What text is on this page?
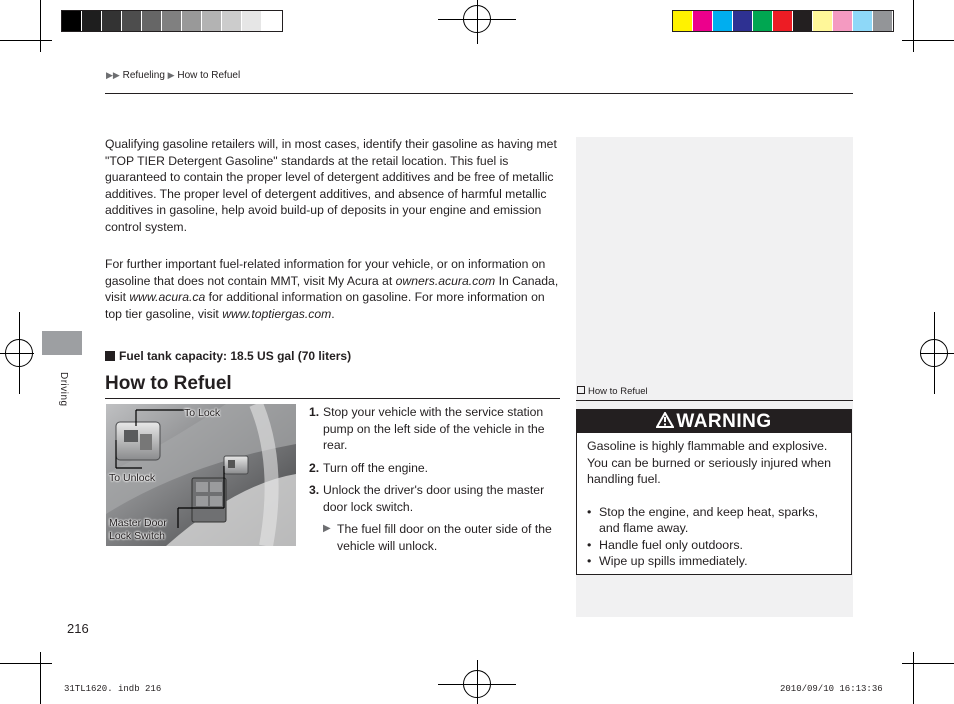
▶▶ Refueling ▶ How to Refuel
Driving
Qualifying gasoline retailers will, in most cases, identify their gasoline as having met "TOP TIER Detergent Gasoline" standards at the retail location. This fuel is guaranteed to contain the proper level of detergent additives and be free of metallic additives. The proper level of detergent additives, and absence of harmful metallic additives in gasoline, help avoid build-up of deposits in your engine and emission control system.
For further important fuel-related information for your vehicle, or on information on gasoline that does not contain MMT, visit My Acura at owners.acura.com In Canada, visit www.acura.ca for additional information on gasoline. For more information on top tier gasoline, visit www.toptiergas.com.
Fuel tank capacity: 18.5 US gal (70 liters)
How to Refuel
To Lock
To Unlock
Master Door
Lock Switch
1. Stop your vehicle with the service station pump on the left side of the vehicle in the rear.
2. Turn off the engine.
3. Unlock the driver's door using the master door lock switch.
▶ The fuel fill door on the outer side of the vehicle will unlock.
How to Refuel
WARNING

Gasoline is highly flammable and explosive. You can be burned or seriously injured when handling fuel.

• Stop the engine, and keep heat, sparks, and flame away.
• Handle fuel only outdoors.
• Wipe up spills immediately.
216
31TL1620. indb 216	2010/09/10 16:13:36
